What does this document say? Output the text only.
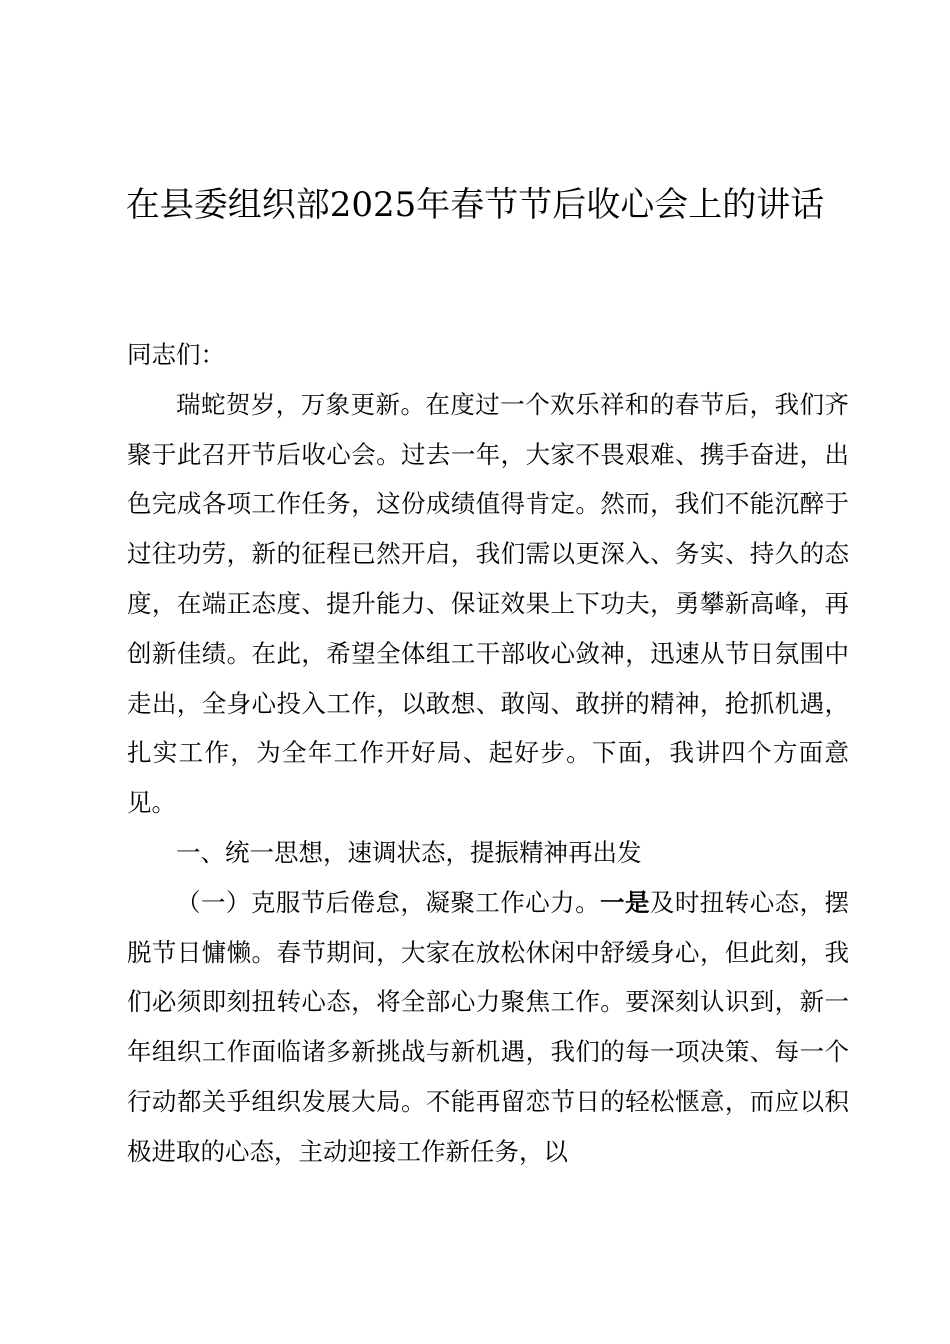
在县委组织部2025年春节节后收心会上的讲话

同志们：

瑞蛇贺岁，万象更新。在度过一个欢乐祥和的春节后，我们齐聚于此召开节后收心会。过去一年，大家不畏艰难、携手奋进，出色完成各项工作任务，这份成绩值得肯定。然而，我们不能沉醉于过往功劳，新的征程已然开启，我们需以更深入、务实、持久的态度，在端正态度、提升能力、保证效果上下功夫，勇攀新高峰，再创新佳绩。在此，希望全体组工干部收心敛神，迅速从节日氛围中走出，全身心投入工作，以敢想、敢闯、敢拼的精神，抢抓机遇，扎实工作，为全年工作开好局、起好步。下面，我讲四个方面意见。

一、统一思想，速调状态，提振精神再出发

（一）克服节后倦怠，凝聚工作心力。一是及时扭转心态，摆脱节日慵懒。春节期间，大家在放松休闲中舒缓身心，但此刻，我们必须即刻扭转心态，将全部心力聚焦工作。要深刻认识到，新一年组织工作面临诸多新挑战与新机遇，我们的每一项决策、每一个行动都关乎组织发展大局。不能再留恋节日的轻松惬意，而应以积极进取的心态，主动迎接工作新任务，以
